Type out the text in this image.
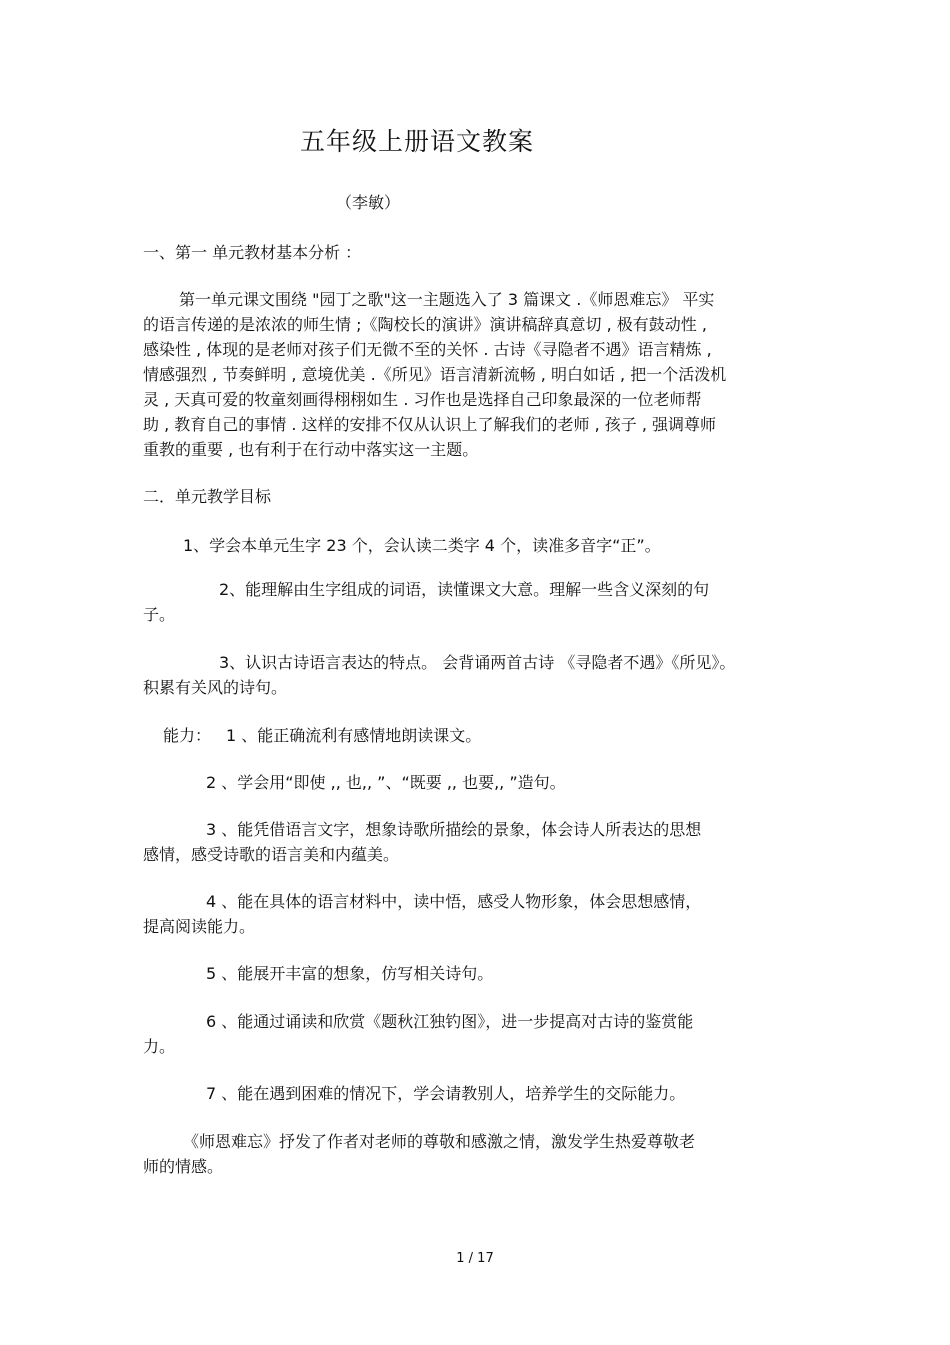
五年级上册语文教案
（李敏）
一、第一 单元教材基本分析 ：
第一单元课文围绕 "园丁之歌"这一主题选入了 3 篇课文 .《师恩难忘》 平实
的语言传递的是浓浓的师生情 ;《陶校长的演讲》演讲稿辞真意切 , 极有鼓动性 ,
感染性 , 体现的是老师对孩子们无微不至的关怀 . 古诗《寻隐者不遇》语言精炼 ,
情感强烈 , 节奏鲜明 , 意境优美 .《所见》语言清新流畅 , 明白如话 , 把一个活泼机
灵 , 天真可爱的牧童刻画得栩栩如生 . 习作也是选择自己印象最深的一位老师帮
助 , 教育自己的事情 . 这样的安排不仅从认识上了解我们的老师 , 孩子 , 强调尊师
重教的重要 , 也有利于在行动中落实这一主题。
二．单元教学目标
1、学会本单元生字 23 个，会认读二类字 4 个，读准多音字“正”。
2、能理解由生字组成的词语，读懂课文大意。理解一些含义深刻的句
子。
3、认识古诗语言表达的特点。 会背诵两首古诗 《寻隐者不遇》《所见》。
积累有关风的诗句。
能力： 1 、能正确流利有感情地朗读课文。
2 、学会用“即使 ,, 也,, ”、“既要 ,, 也要,, ”造句。
3 、能凭借语言文字，想象诗歌所描绘的景象，体会诗人所表达的思想
感情，感受诗歌的语言美和内蕴美。
4 、能在具体的语言材料中，读中悟，感受人物形象，体会思想感情，
提高阅读能力。
5 、能展开丰富的想象，仿写相关诗句。
6 、能通过诵读和欣赏《题秋江独钓图》，进一步提高对古诗的鉴赏能
力。
7 、能在遇到困难的情况下，学会请教别人，培养学生的交际能力。
《师恩难忘》抒发了作者对老师的尊敬和感激之情，激发学生热爱尊敬老
师的情感。
1 / 17
